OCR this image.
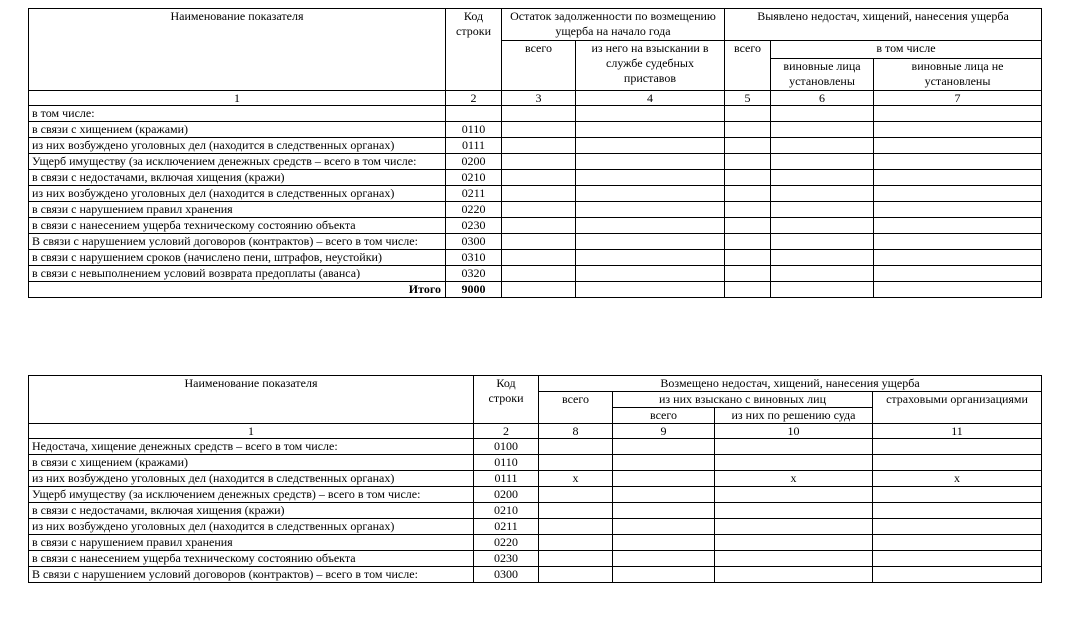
Наименование показателя	Код строки	Остаток задолженности по возмещению ущерба на начало года		Выявлено недостач, хищений, нанесения ущерба		
		всего	из него на взыскании в службе судебных приставов	всего	в том числе	
					виновные лица установлены	виновные лица не установлены
1	2	3	4	5	6	7
в том числе:						
в связи с хищением (кражами)	0110					
из них возбуждено уголовных дел (находится в следственных органах)	0111					
Ущерб имуществу (за исключением денежных средств – всего в том числе:	0200					
в связи с недостачами, включая хищения (кражи)	0210					
из них возбуждено уголовных дел (находится в следственных органах)	0211					
в связи с нарушением правил хранения	0220					
в связи с нанесением ущерба техническому состоянию объекта	0230					
В связи с нарушением условий договоров (контрактов) – всего в том числе:	0300					
в связи с нарушением сроков (начислено пени, штрафов, неустойки)	0310					
в связи с невыполнением условий возврата предоплаты (аванса)	0320					
Итого	9000					
Наименование показателя	Код строки	Возмещено недостач, хищений, нанесения ущерба			
		всего	из них взыскано с виновных лиц		страховыми организациями
			всего	из них по решению суда	
1	2	8	9	10	11
Недостача, хищение денежных средств – всего в том числе:	0100				
в связи с хищением (кражами)	0110				
из них возбуждено уголовных дел (находится в следственных органах)	0111	x		x	x
Ущерб имуществу (за исключением денежных средств) – всего в том числе:	0200				
в связи с недостачами, включая хищения (кражи)	0210				
из них возбуждено уголовных дел (находится в следственных органах)	0211				
в связи с нарушением правил хранения	0220				
в связи с нанесением ущерба техническому состоянию объекта	0230				
В связи с нарушением условий договоров (контрактов) – всего в том числе:	0300				
